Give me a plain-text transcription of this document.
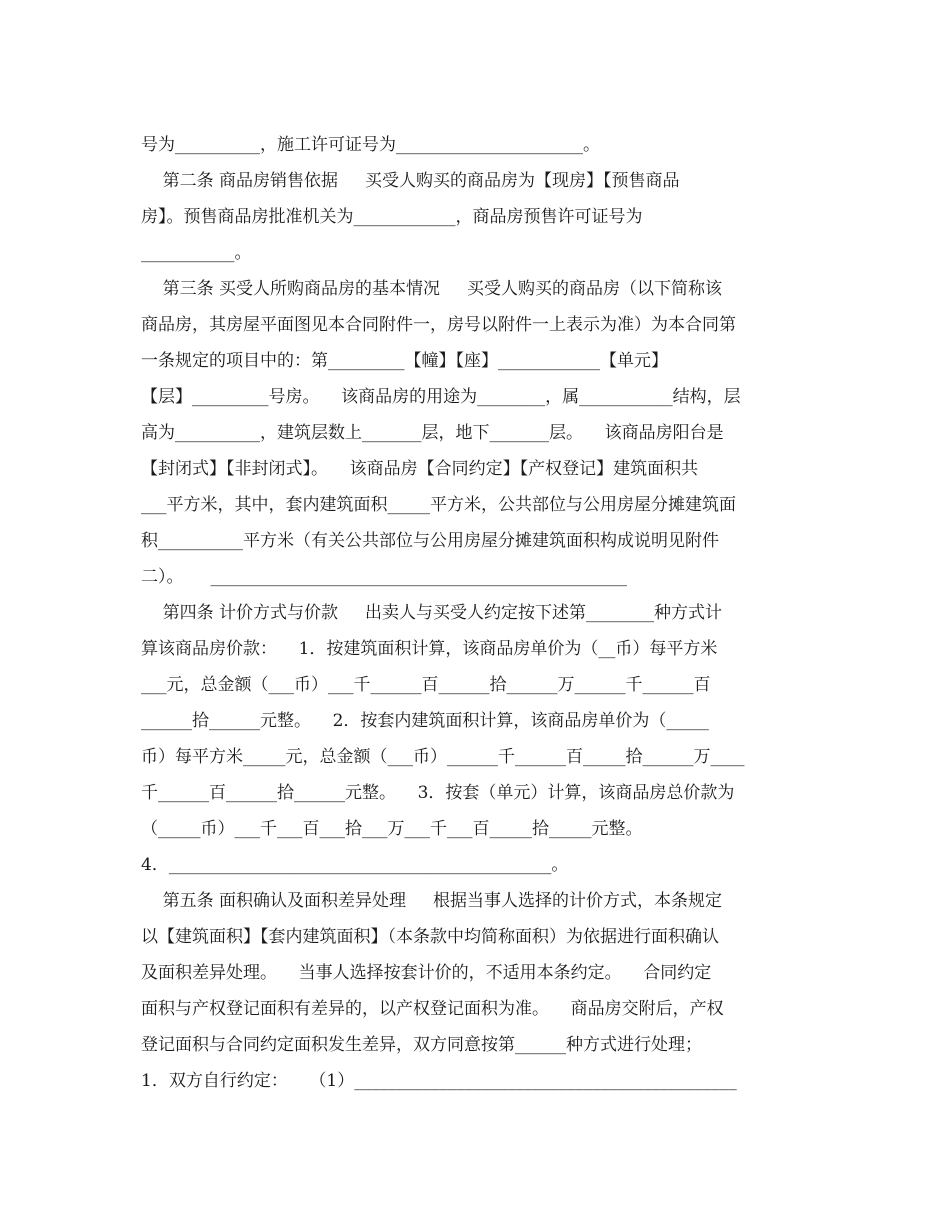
号为__________，施工许可证号为______________________。
第二条 商品房销售依据     买受人购买的商品房为【现房】【预售商品
房】。预售商品房批准机关为____________，商品房预售许可证号为
___________。
第三条 买受人所购商品房的基本情况     买受人购买的商品房（以下简称该
商品房，其房屋平面图见本合同附件一，房号以附件一上表示为准）为本合同第
一条规定的项目中的：第_________【幢】【座】____________【单元】
【层】_________号房。    该商品房的用途为________，属___________结构，层
高为__________，建筑层数上_______层，地下_______层。    该商品房阳台是
【封闭式】【非封闭式】。    该商品房【合同约定】【产权登记】建筑面积共
___平方米，其中，套内建筑面积_____平方米，公共部位与公用房屋分摊建筑面
积__________平方米（有关公共部位与公用房屋分摊建筑面积构成说明见附件
二）。     _________________________________________________
第四条 计价方式与价款     出卖人与买受人约定按下述第________种方式计
算该商品房价款：    1．按建筑面积计算，该商品房单价为（__币）每平方米
___元，总金额（___币）___千______百______拾______万______千______百
______拾______元整。    2．按套内建筑面积计算，该商品房单价为（_____
币）每平方米_____元，总金额（___币）______千______百_____拾______万____
千______百______拾______元整。    3．按套（单元）计算，该商品房总价款为
（_____币）___千___百___拾___万___千___百_____拾_____元整。
4．_____________________________________________。
第五条 面积确认及面积差异处理     根据当事人选择的计价方式，本条规定
以【建筑面积】【套内建筑面积】（本条款中均简称面积）为依据进行面积确认
及面积差异处理。    当事人选择按套计价的，不适用本条约定。    合同约定
面积与产权登记面积有差异的，以产权登记面积为准。    商品房交附后，产权
登记面积与合同约定面积发生差异，双方同意按第______种方式进行处理；
1．双方自行约定：    （1）_____________________________________________
